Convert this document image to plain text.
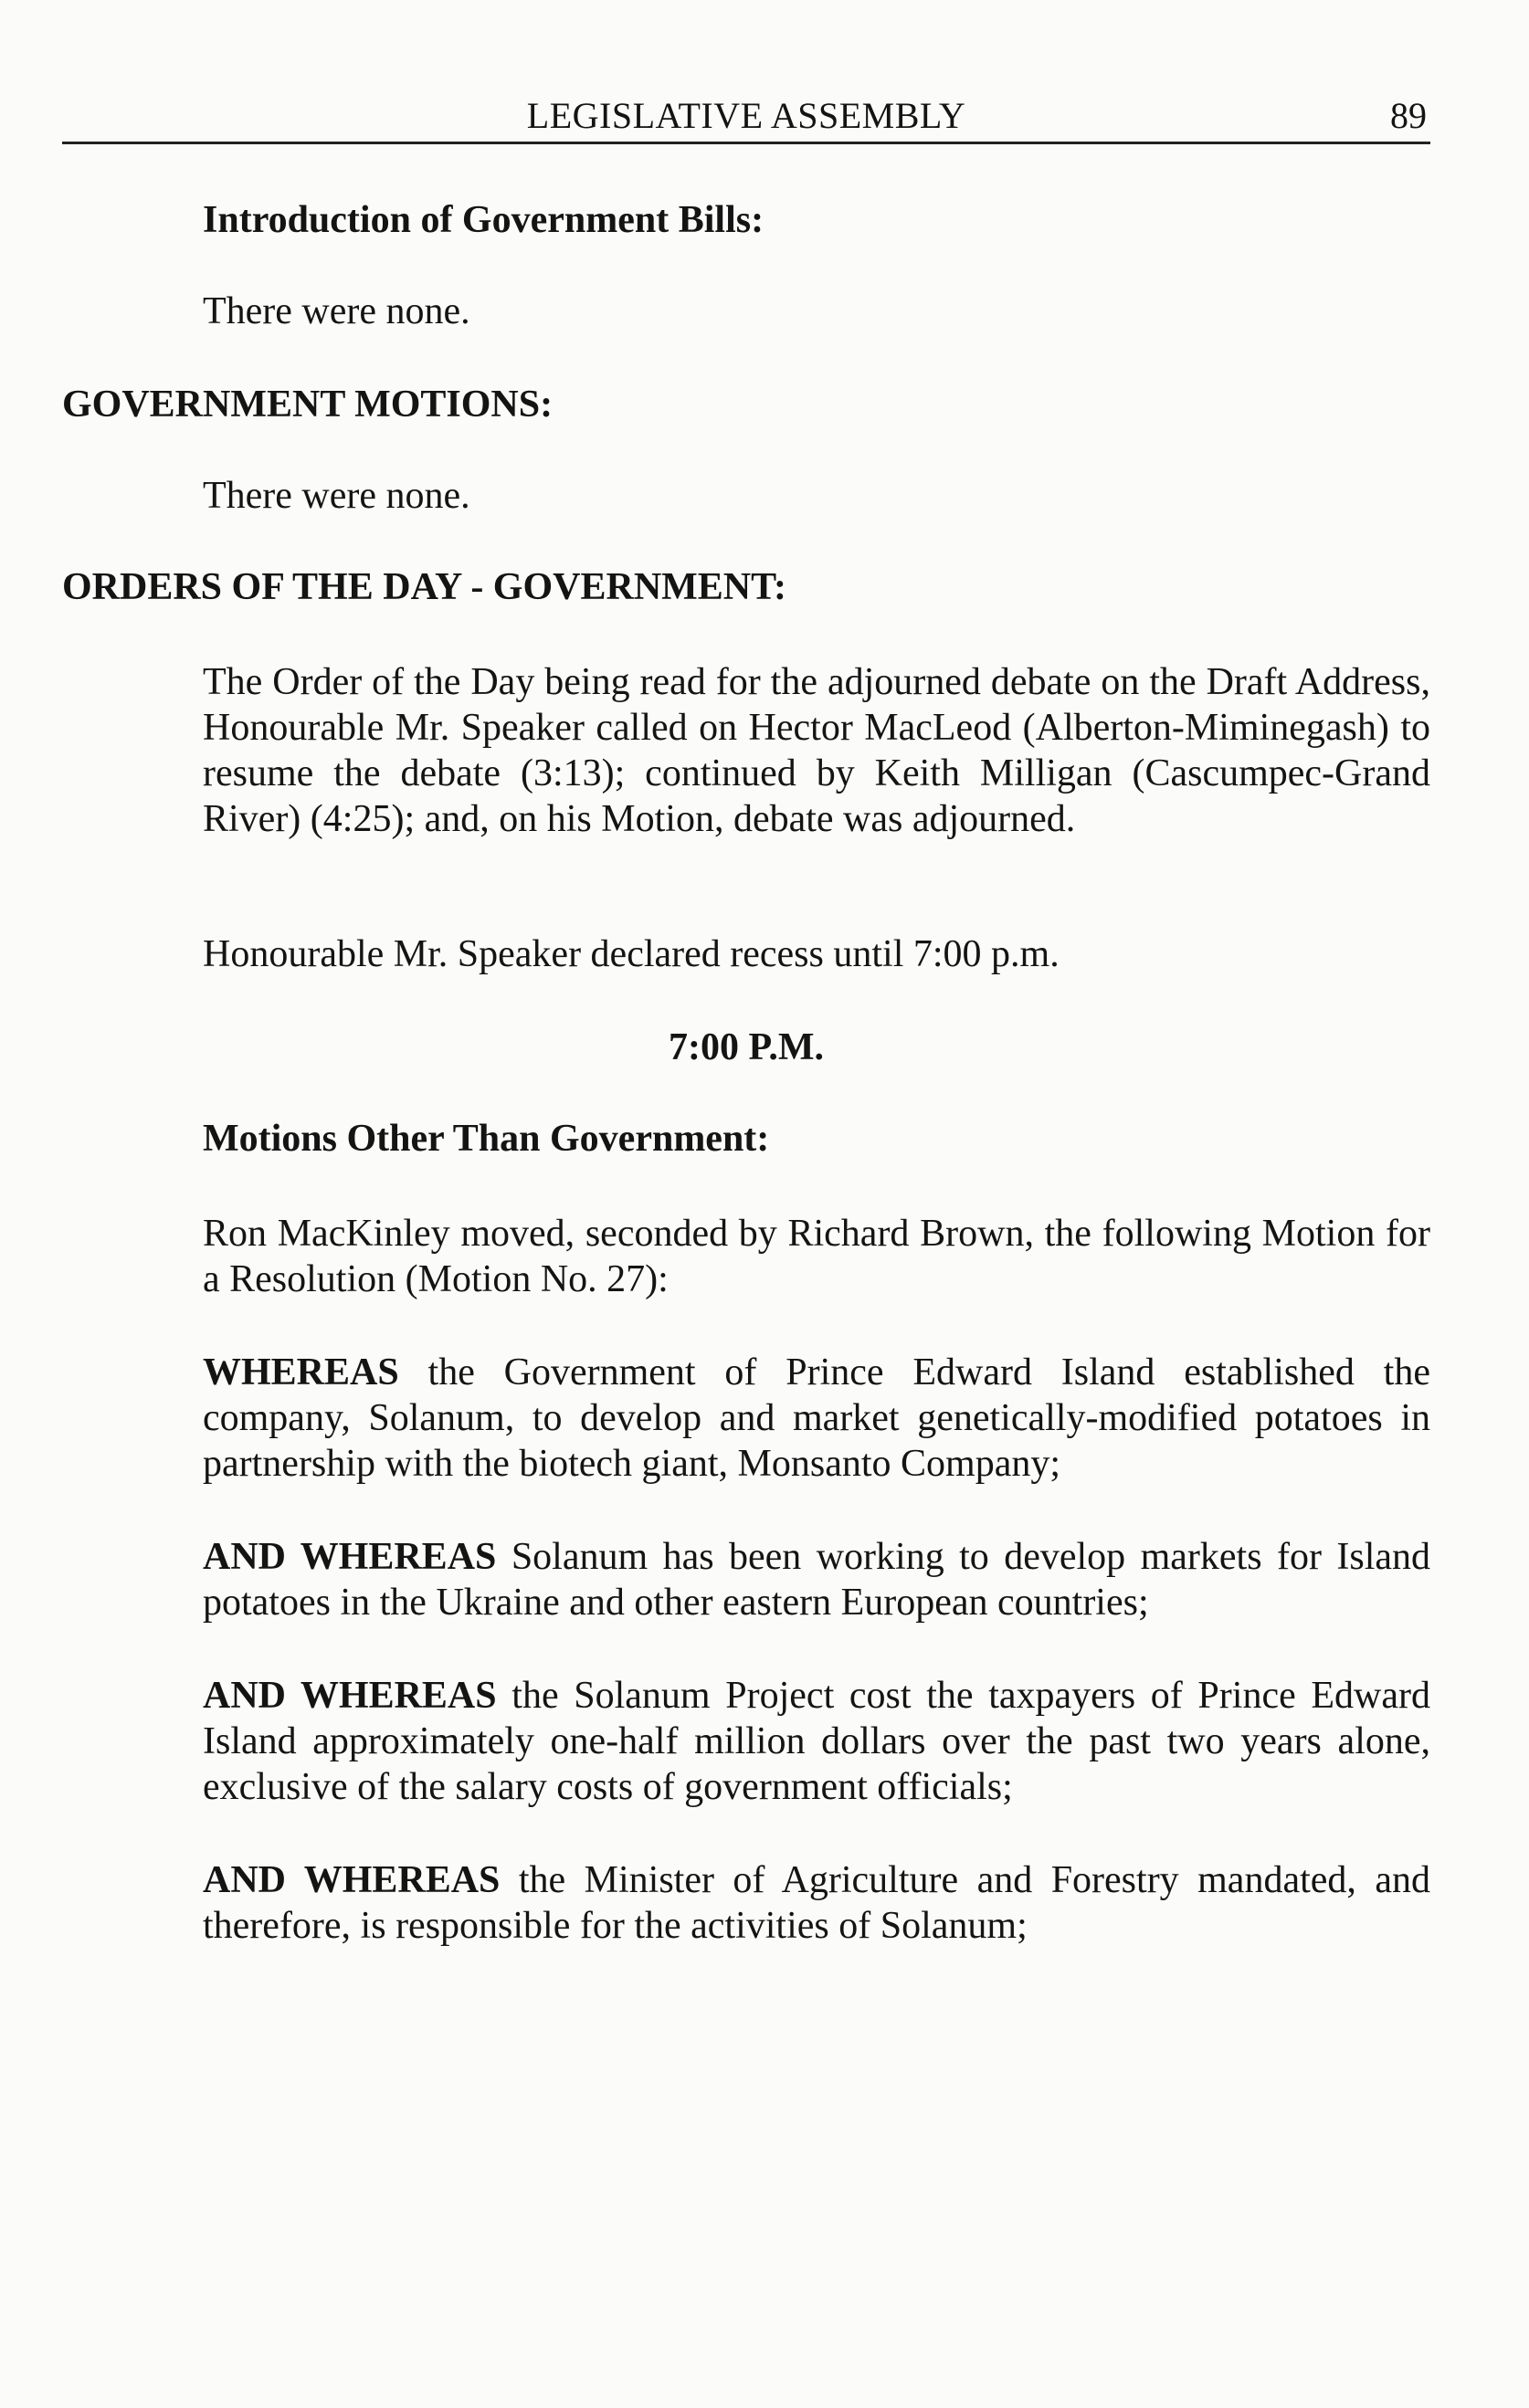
LEGISLATIVE ASSEMBLY	89
Introduction of Government Bills:
There were none.
GOVERNMENT MOTIONS:
There were none.
ORDERS OF THE DAY - GOVERNMENT:
The Order of the Day being read for the adjourned debate on the Draft Address, Honourable Mr. Speaker called on Hector MacLeod (Alberton-Miminegash) to resume the debate (3:13); continued by Keith Milligan (Cascumpec-Grand River) (4:25); and, on his Motion, debate was adjourned.
Honourable Mr. Speaker declared recess until 7:00 p.m.
7:00 P.M.
Motions Other Than Government:
Ron MacKinley moved, seconded by Richard Brown, the following Motion for a Resolution (Motion No. 27):
WHEREAS the Government of Prince Edward Island established the company, Solanum, to develop and market genetically-modified potatoes in partnership with the biotech giant, Monsanto Company;
AND WHEREAS Solanum has been working to develop markets for Island potatoes in the Ukraine and other eastern European countries;
AND WHEREAS the Solanum Project cost the taxpayers of Prince Edward Island approximately one-half million dollars over the past two years alone, exclusive of the salary costs of government officials;
AND WHEREAS the Minister of Agriculture and Forestry mandated, and therefore, is responsible for the activities of Solanum;
